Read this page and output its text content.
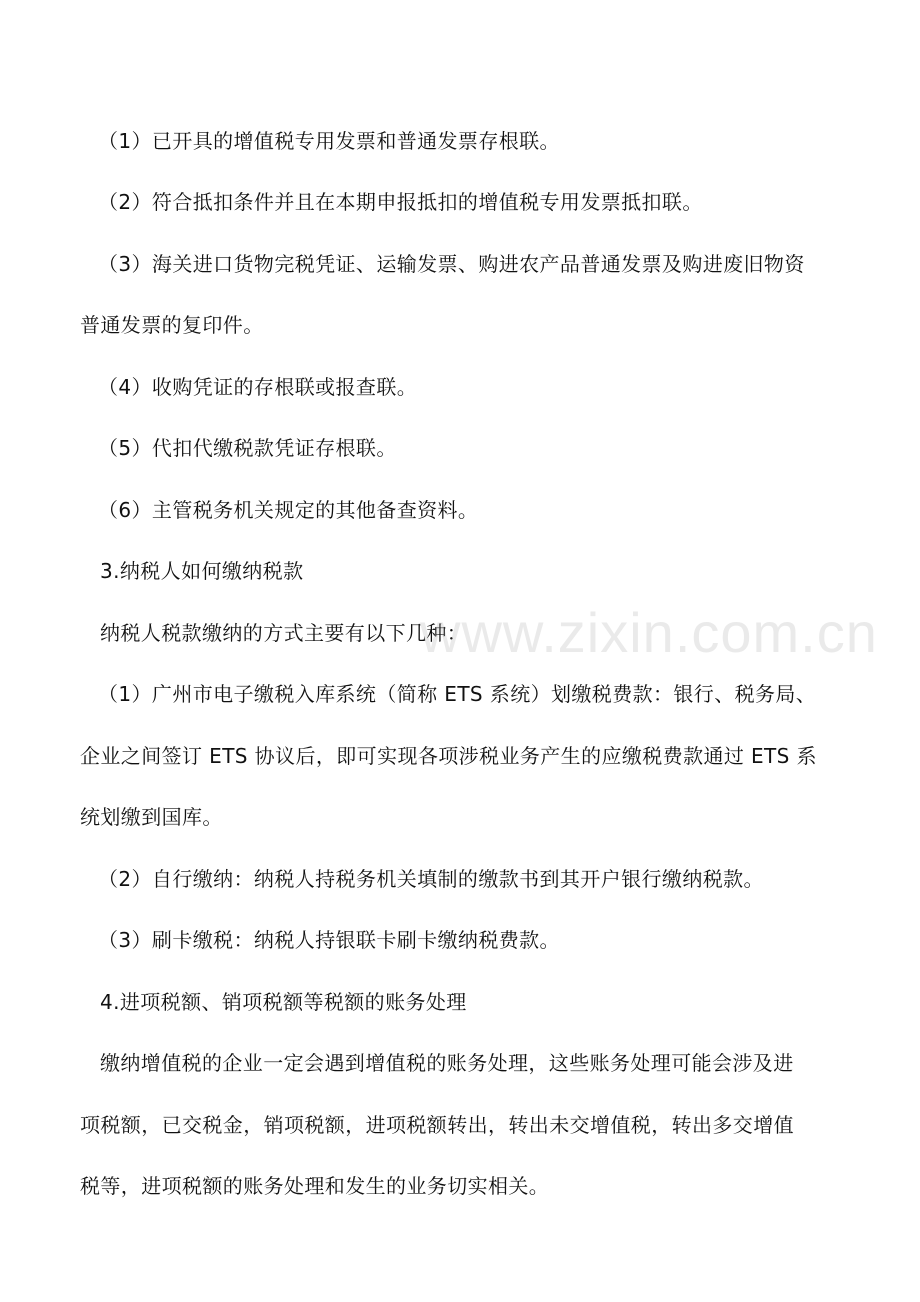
（1）已开具的增值税专用发票和普通发票存根联。
（2）符合抵扣条件并且在本期申报抵扣的增值税专用发票抵扣联。
（3）海关进口货物完税凭证、运输发票、购进农产品普通发票及购进废旧物资
普通发票的复印件。
（4）收购凭证的存根联或报查联。
（5）代扣代缴税款凭证存根联。
（6）主管税务机关规定的其他备查资料。
3.纳税人如何缴纳税款
纳税人税款缴纳的方式主要有以下几种：
（1）广州市电子缴税入库系统（简称 ETS 系统）划缴税费款：银行、税务局、
企业之间签订 ETS 协议后，即可实现各项涉税业务产生的应缴税费款通过 ETS 系
统划缴到国库。
（2）自行缴纳：纳税人持税务机关填制的缴款书到其开户银行缴纳税款。
（3）刷卡缴税：纳税人持银联卡刷卡缴纳税费款。
4.进项税额、销项税额等税额的账务处理
缴纳增值税的企业一定会遇到增值税的账务处理，这些账务处理可能会涉及进
项税额，已交税金，销项税额，进项税额转出，转出未交增值税，转出多交增值
税等，进项税额的账务处理和发生的业务切实相关。
www.zixin.com.cn
